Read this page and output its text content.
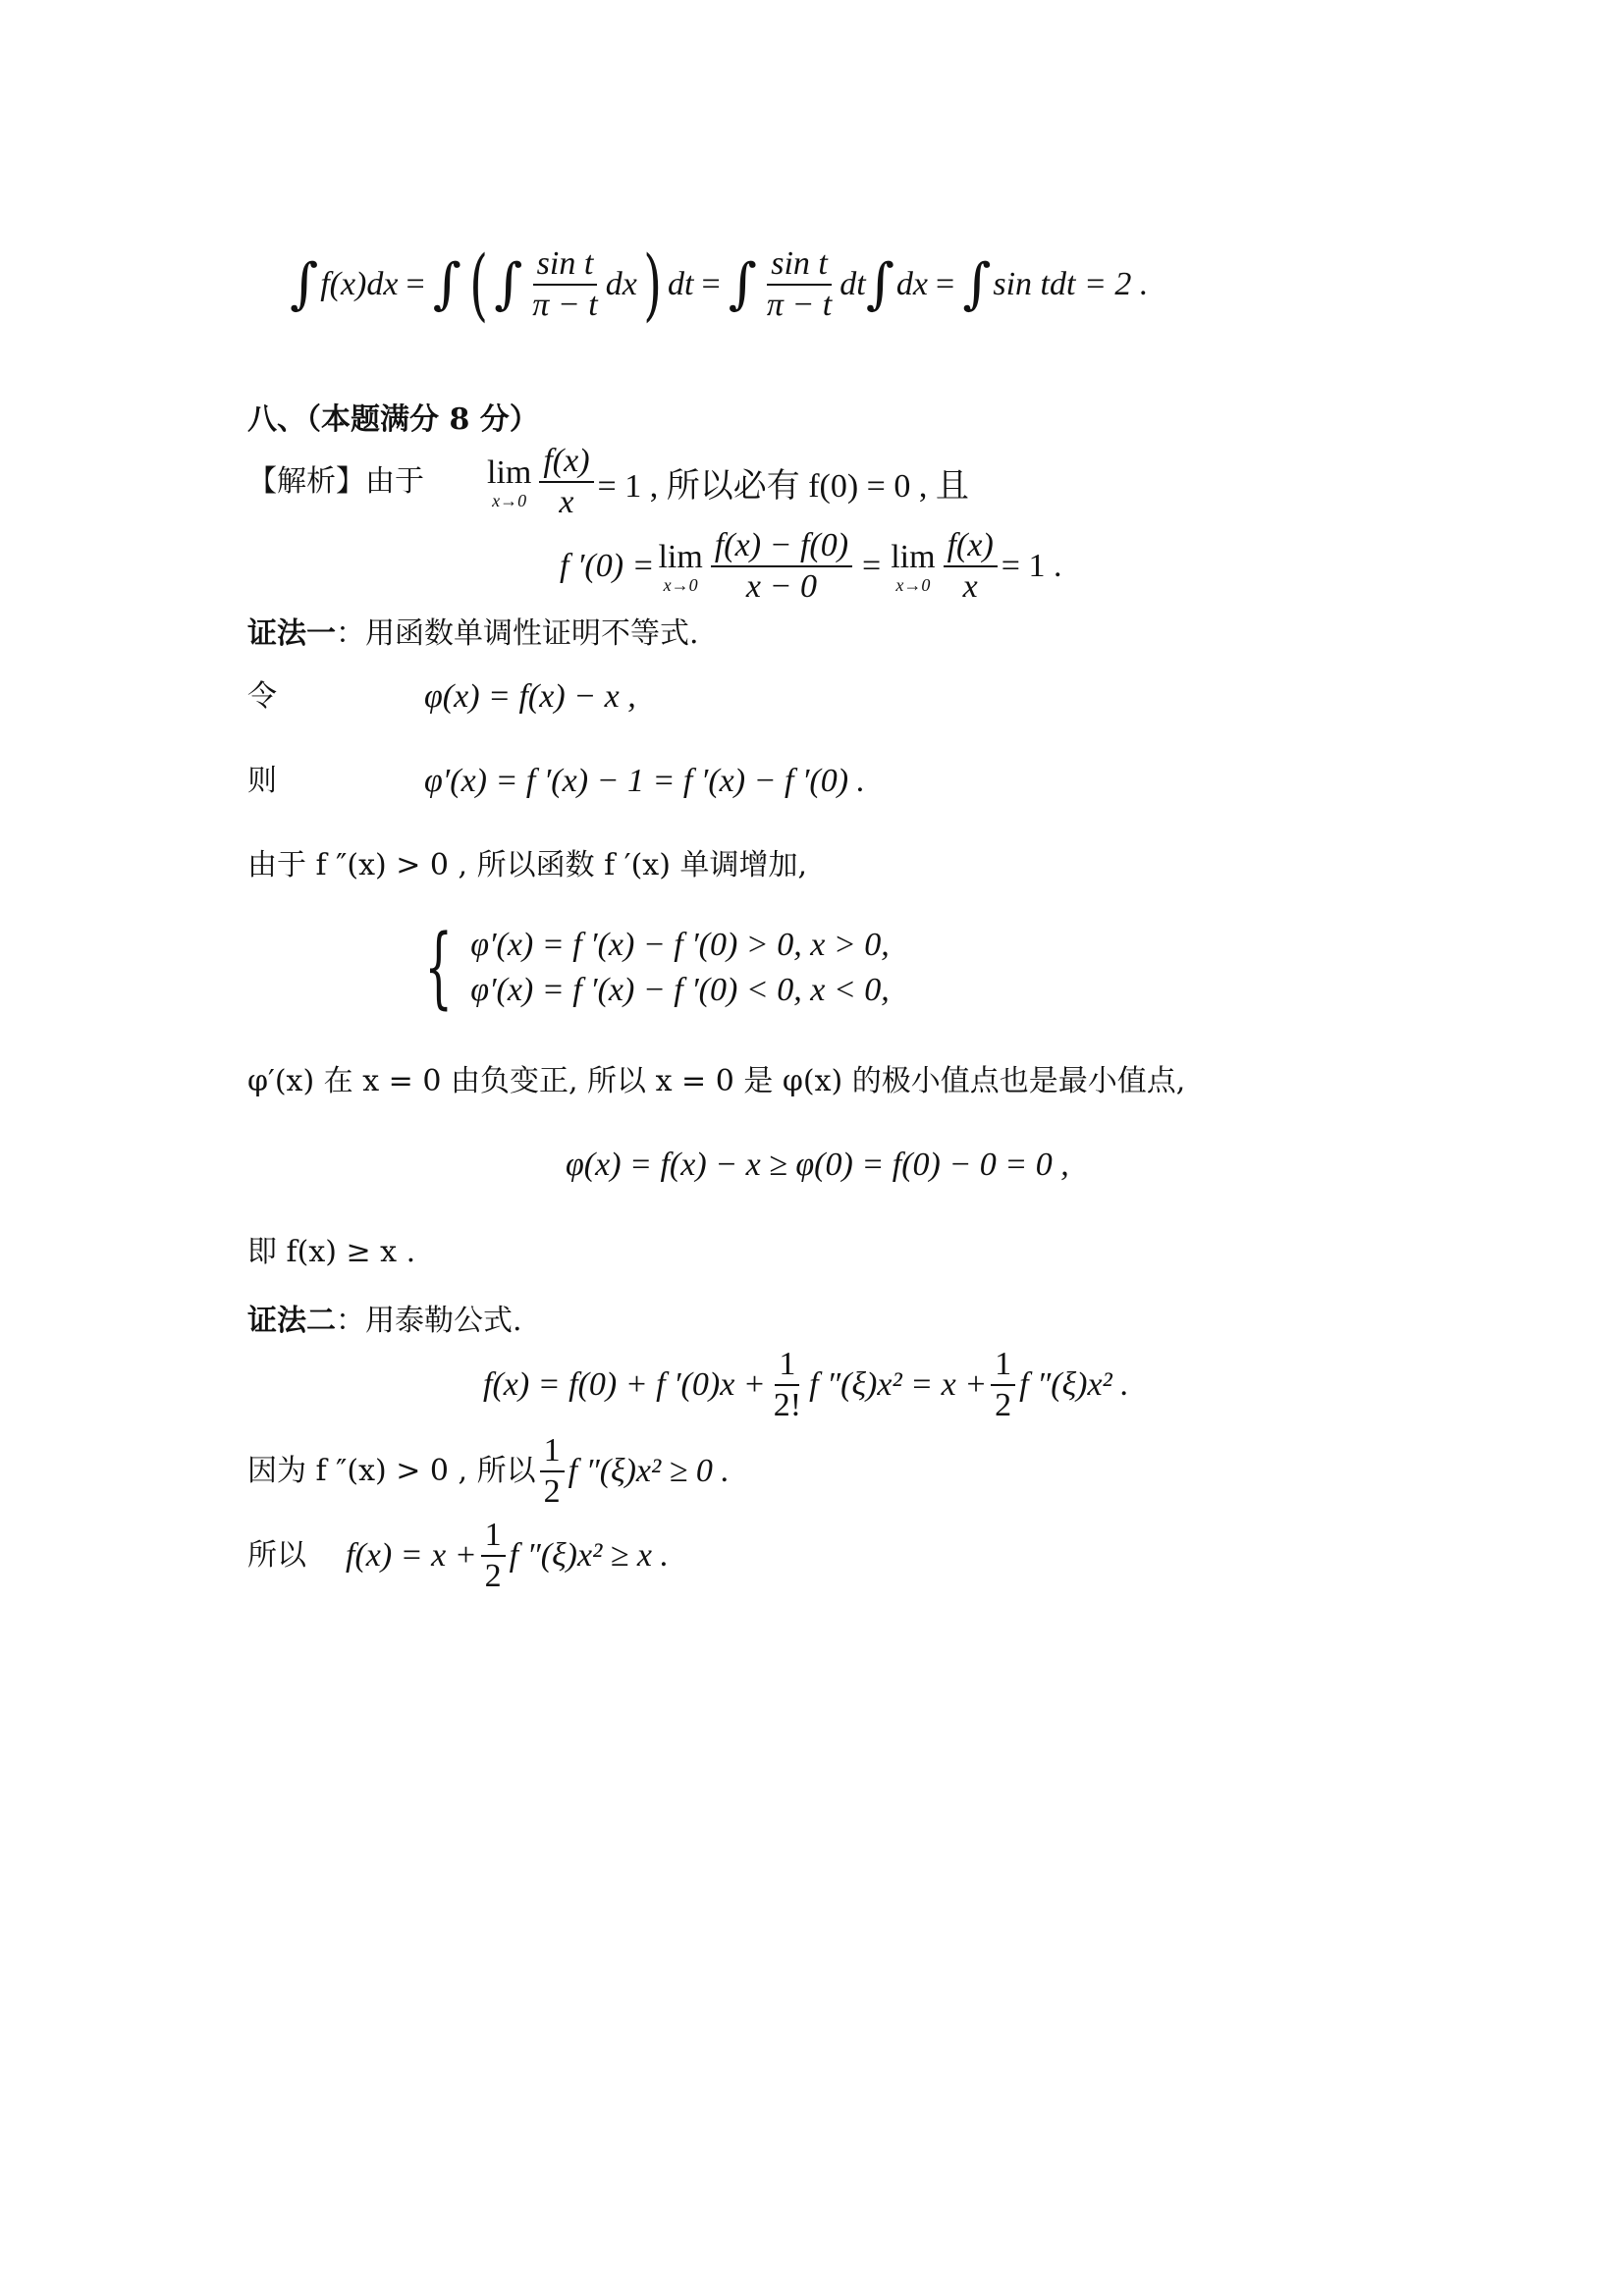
∫ f(x)dx = ∫ ( ∫ $\frac{\text{sin t}}{\pi - t}$ dx ) dt = ∫ $\frac{\text{sin t}}{\pi - t}$ dt ∫ dx = ∫ sin tdt = 2 .
八、（本题满分 8 分）
【解析】由于 lim
$x\to 0 \frac{f(x)}{x} = 1$ , 所以必有 f(0) = 0 , 且
f ′(0) = lim
$x\to 0 \frac{f(x) - f(0)}{x - 0} = \lim$
$x\to 0 \frac{f(x)}{x} = 1$ .
证法一：用函数单调性证明不等式.
令	φ(x) = f(x) − x ,
则	φ′(x) = f ′(x) − 1 = f ′(x) − f ′(0) .
由于 f ″(x) > 0 , 所以函数 f ′(x) 单调增加,
{ φ′(x) = f ′(x) − f ′(0) > 0, x > 0,
φ′(x) = f ′(x) − f ′(0) < 0, x < 0,
φ′(x) 在 x = 0 由负变正, 所以 x = 0 是 φ(x) 的极小值点也是最小值点,
φ(x) = f(x) − x ≥ φ(0) = f(0) − 0 = 0 ,
即 f(x) ≥ x .
证法二：用泰勒公式.
f(x) = f(0) + f $'(0)x + \frac{1}{2!}$ f $''(\xi)x^2 = x + \frac{1}{2}$ f ″(ξ)x² .
因为 f ″(x) > 0 , 所以 $\frac{1}{2}$ f ″(ξ)x² ≥ 0 .
所以 $f(x) = x + \frac{1}{2}$ f ″(ξ)x² ≥ x .
